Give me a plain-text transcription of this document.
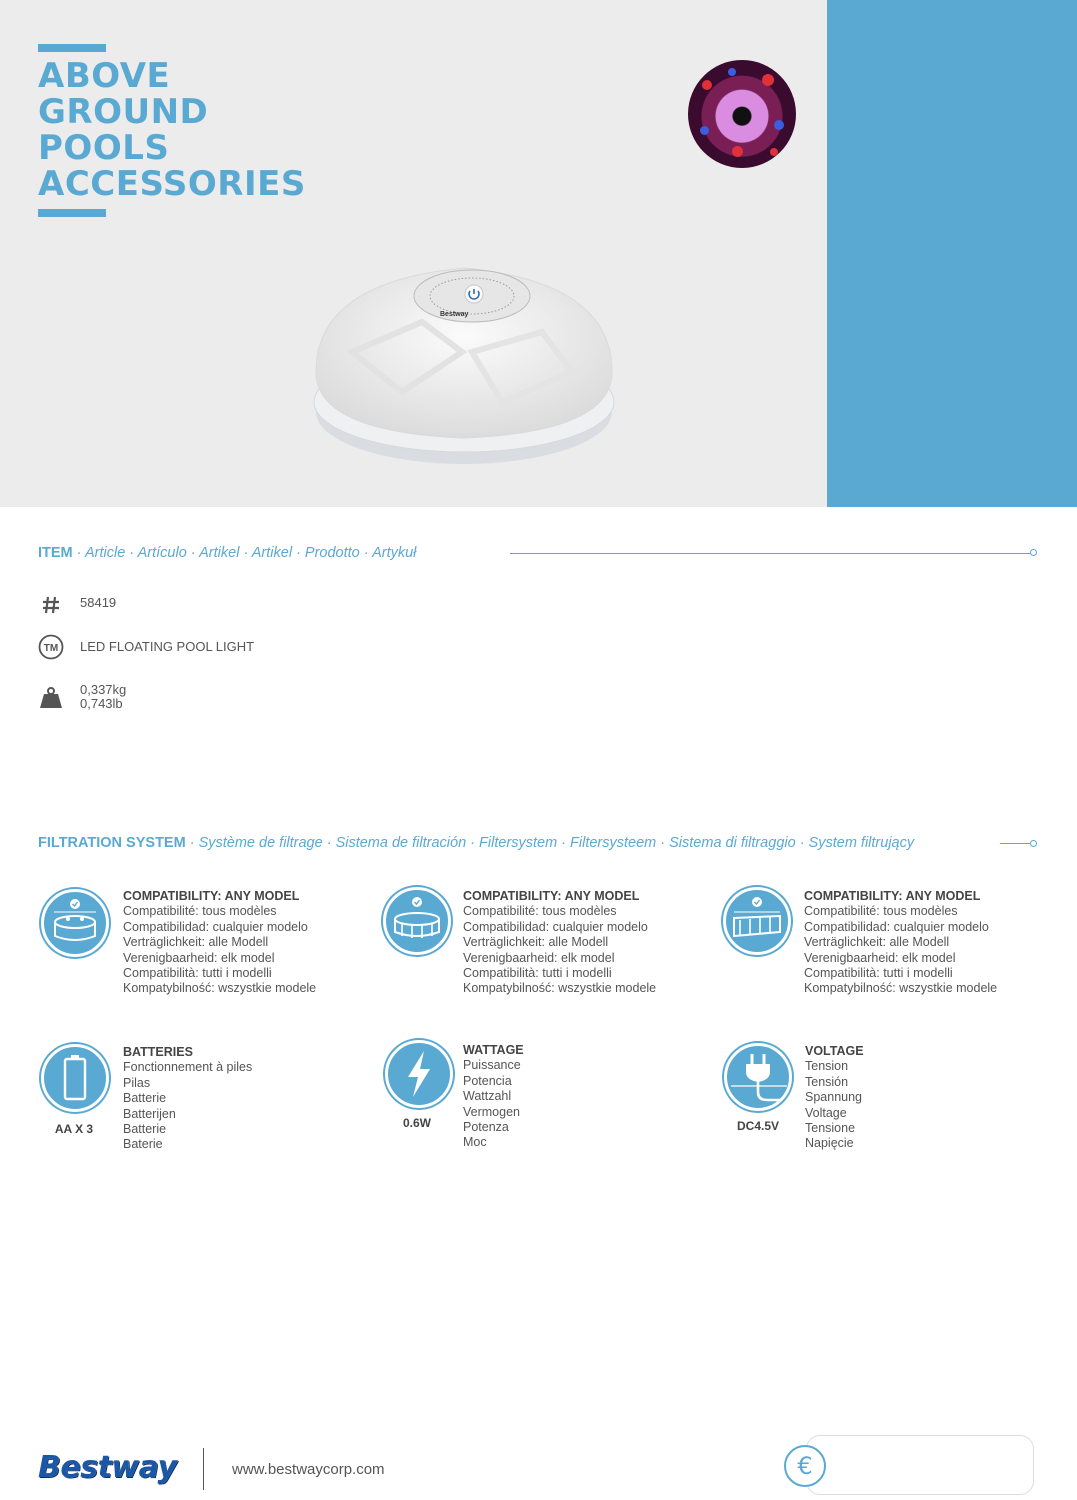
ABOVE
GROUND
POOLS
ACCESSORIES
Bestway
ITEM · Article · Artículo · Artikel · Artikel · Prodotto · Artykuł
58419
TM LED FLOATING POOL LIGHT
0,337kg
0,743lb
FILTRATION SYSTEM · Système de filtrage · Sistema de filtración · Filtersystem · Filtersysteem · Sistema di filtraggio · System filtrujący
COMPATIBILITY: ANY MODEL
Compatibilité: tous modèles
Compatibilidad: cualquier modelo
Verträglichkeit: alle Modell
Verenigbaarheid: elk model
Compatibilità: tutti i modelli
Kompatybilność: wszystkie modele
COMPATIBILITY: ANY MODEL
Compatibilité: tous modèles
Compatibilidad: cualquier modelo
Verträglichkeit: alle Modell
Verenigbaarheid: elk model
Compatibilità: tutti i modelli
Kompatybilność: wszystkie modele
COMPATIBILITY: ANY MODEL
Compatibilité: tous modèles
Compatibilidad: cualquier modelo
Verträglichkeit: alle Modell
Verenigbaarheid: elk model
Compatibilità: tutti i modelli
Kompatybilność: wszystkie modele
AA X 3
BATTERIES
Fonctionnement à piles
Pilas
Batterie
Batterijen
Batterie
Baterie
0.6W
WATTAGE
Puissance
Potencia
Wattzahl
Vermogen
Potenza
Moc
DC4.5V
VOLTAGE
Tension
Tensión
Spannung
Voltage
Tensione
Napięcie
Bestway	www.bestwaycorp.com	€
